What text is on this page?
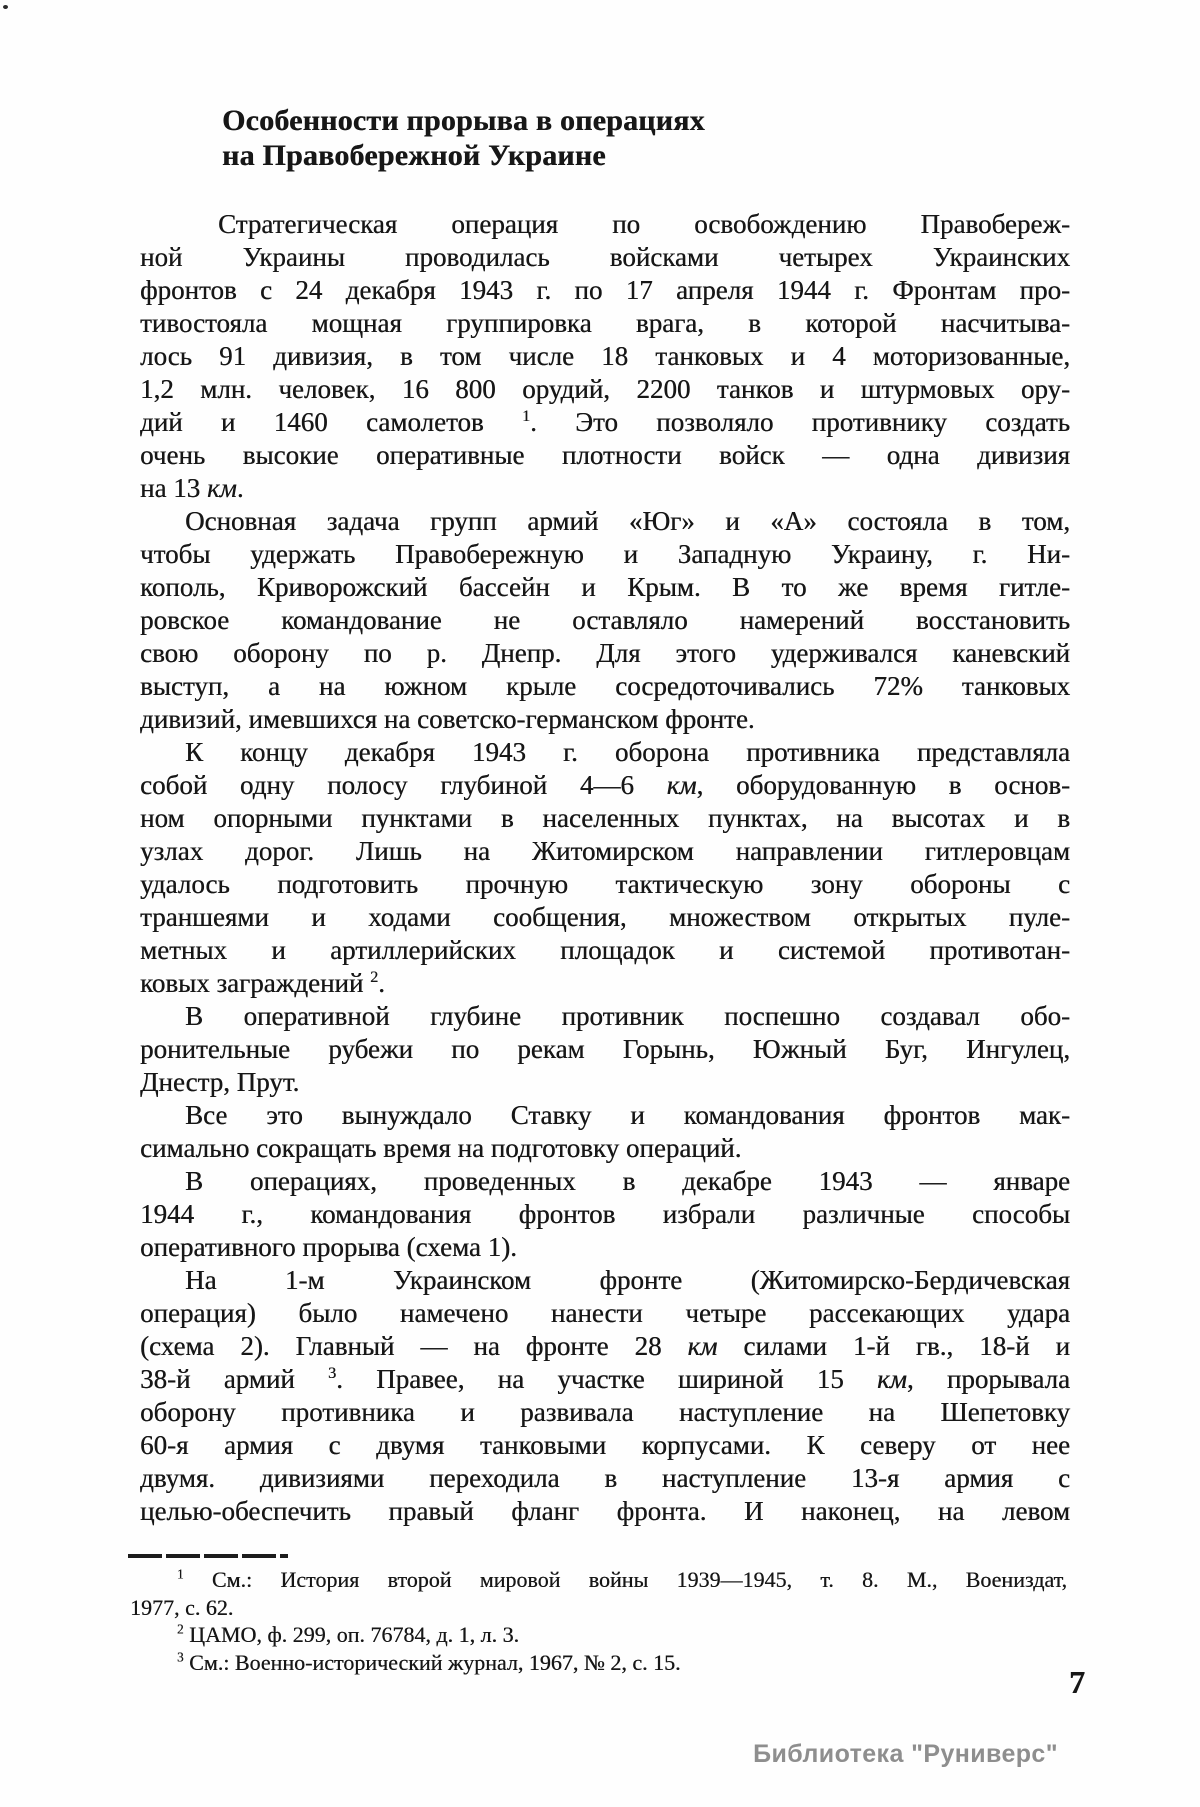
Особенности прорыва в операциях
на Правобережной Украине
Стратегическая операция по освобождению Правобереж-
ной Украины проводилась войсками четырех Украинских
фронтов с 24 декабря 1943 г. по 17 апреля 1944 г. Фронтам про-
тивостояла мощная группировка врага, в которой насчитыва-
лось 91 дивизия, в том числе 18 танковых и 4 моторизованные,
1,2 млн. человек, 16 800 орудий, 2200 танков и штурмовых ору-
дий и 1460 самолетов $^1$. Это позволяло противнику создать
очень высокие оперативные плотности войск — одна дивизия
на 13 км.
Основная задача групп армий «Юг» и «А» состояла в том,
чтобы удержать Правобережную и Западную Украину, г. Ни-
кополь, Криворожский бассейн и Крым. В то же время гитле-
ровское командование не оставляло намерений восстановить
свою оборону по р. Днепр. Для этого удерживался каневский
выступ, а на южном крыле сосредоточивались 72% танковых
дивизий, имевшихся на советско-германском фронте.
К концу декабря 1943 г. оборона противника представляла
собой одну полосу глубиной 4—6 км, оборудованную в основ-
ном опорными пунктами в населенных пунктах, на высотах и в
узлах дорог. Лишь на Житомирском направлении гитлеровцам
удалось подготовить прочную тактическую зону обороны с
траншеями и ходами сообщения, множеством открытых пуле-
метных и артиллерийских площадок и системой противотан-
ковых заграждений $^2$.
В оперативной глубине противник поспешно создавал обо-
ронительные рубежи по рекам Горынь, Южный Буг, Ингулец,
Днестр, Прут.
Все это вынуждало Ставку и командования фронтов мак-
симально сокращать время на подготовку операций.
В операциях, проведенных в декабре 1943 — январе
1944 г., командования фронтов избрали различные способы
оперативного прорыва (схема 1).
На 1-м Украинском фронте (Житомирско-Бердичевская
операция) было намечено нанести четыре рассекающих удара
(схема 2). Главный — на фронте 28 км силами 1-й гв., 18-й и
38-й армий $^3$. Правее, на участке шириной 15 км, прорывала
оборону противника и развивала наступление на Шепетовку
60-я армия с двумя танковыми корпусами. К северу от нее
двумя. дивизиями переходила в наступление 13-я армия с
целью-обеспечить правый фланг фронта. И наконец, на левом
$^1$ См.: История второй мировой войны 1939—1945, т. 8. М., Воениздат,
1977, с. 62.
$^2$ ЦАМО, ф. 299, оп. 76784, д. 1, л. 3.
$^3$ См.: Военно-исторический журнал, 1967, № 2, с. 15.
7
Библиотека "Руниверс"
